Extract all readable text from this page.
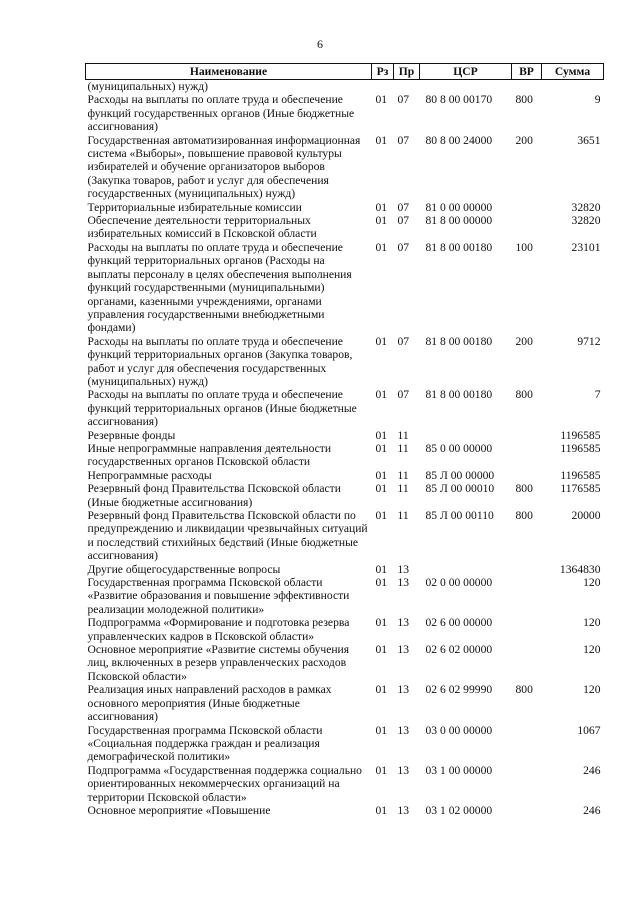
6
Наименование	Рз	Пр	ЦСР	ВР	Сумма
(муниципальных) нужд)					
Расходы на выплаты по оплате труда и обеспечение функций государственных органов (Иные бюджетные ассигнования)	01	07	80 8 00 00170	800	9
Государственная автоматизированная информационная система «Выборы», повышение правовой культуры избирателей и обучение организаторов выборов (Закупка товаров, работ и услуг для обеспечения государственных (муниципальных) нужд)	01	07	80 8 00 24000	200	3651
Территориальные избирательные комиссии	01	07	81 0 00 00000		32820
Обеспечение деятельности территориальных избирательных комиссий в Псковской области	01	07	81 8 00 00000		32820
Расходы на выплаты по оплате труда и обеспечение функций территориальных органов (Расходы на выплаты персоналу в целях обеспечения выполнения функций государственными (муниципальными) органами, казенными учреждениями, органами управления государственными внебюджетными фондами)	01	07	81 8 00 00180	100	23101
Расходы на выплаты по оплате труда и обеспечение функций территориальных органов (Закупка товаров, работ и услуг для обеспечения государственных (муниципальных) нужд)	01	07	81 8 00 00180	200	9712
Расходы на выплаты по оплате труда и обеспечение функций территориальных органов (Иные бюджетные ассигнования)	01	07	81 8 00 00180	800	7
Резервные фонды	01	11			1196585
Иные непрограммные направления деятельности государственных органов Псковской области	01	11	85 0 00 00000		1196585
Непрограммные расходы	01	11	85 Л 00 00000		1196585
Резервный фонд Правительства Псковской области (Иные бюджетные ассигнования)	01	11	85 Л 00 00010	800	1176585
Резервный фонд Правительства Псковской области по предупреждению и ликвидации чрезвычайных ситуаций и последствий стихийных бедствий (Иные бюджетные ассигнования)	01	11	85 Л 00 00110	800	20000
Другие общегосударственные вопросы	01	13			1364830
Государственная программа Псковской области «Развитие образования и повышение эффективности реализации молодежной политики»	01	13	02 0 00 00000		120
Подпрограмма «Формирование и подготовка резерва управленческих кадров в Псковской области»	01	13	02 6 00 00000		120
Основное мероприятие «Развитие системы обучения лиц, включенных в резерв управленческих расходов Псковской области»	01	13	02 6 02 00000		120
Реализация иных направлений расходов в рамках основного мероприятия (Иные бюджетные ассигнования)	01	13	02 6 02 99990	800	120
Государственная программа Псковской области «Социальная поддержка граждан и реализация демографической политики»	01	13	03 0 00 00000		1067
Подпрограмма «Государственная поддержка социально ориентированных некоммерческих организаций на территории Псковской области»	01	13	03 1 00 00000		246
Основное мероприятие «Повышение	01	13	03 1 02 00000		246
